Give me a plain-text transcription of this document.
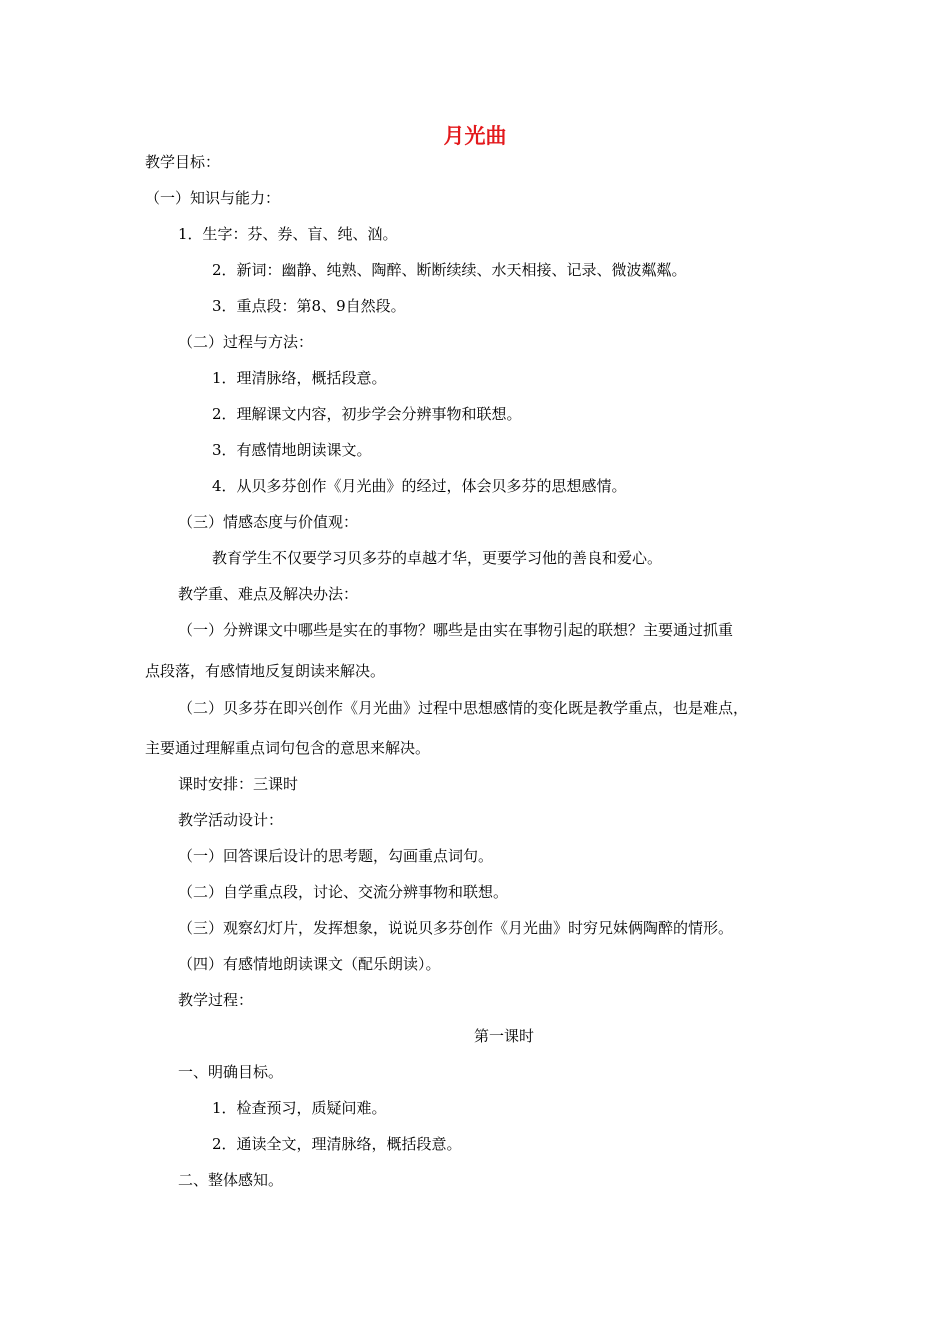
月光曲
教学目标：
（一）知识与能力：
1．生字：芬、券、盲、纯、汹。
2．新词：幽静、纯熟、陶醉、断断续续、水天相接、记录、微波粼粼。
3．重点段：第8、9自然段。
（二）过程与方法：
1．理清脉络，概括段意。
2．理解课文内容，初步学会分辨事物和联想。
3．有感情地朗读课文。
4．从贝多芬创作《月光曲》的经过，体会贝多芬的思想感情。
（三）情感态度与价值观：
教育学生不仅要学习贝多芬的卓越才华，更要学习他的善良和爱心。
教学重、难点及解决办法：
（一）分辨课文中哪些是实在的事物？哪些是由实在事物引起的联想？主要通过抓重
点段落，有感情地反复朗读来解决。
（二）贝多芬在即兴创作《月光曲》过程中思想感情的变化既是教学重点，也是难点，
主要通过理解重点词句包含的意思来解决。
课时安排：三课时
教学活动设计：
（一）回答课后设计的思考题，勾画重点词句。
（二）自学重点段，讨论、交流分辨事物和联想。
（三）观察幻灯片，发挥想象，说说贝多芬创作《月光曲》时穷兄妹俩陶醉的情形。
（四）有感情地朗读课文（配乐朗读）。
教学过程：
第一课时
一、明确目标。
1．检查预习，质疑问难。
2．通读全文，理清脉络，概括段意。
二、整体感知。
